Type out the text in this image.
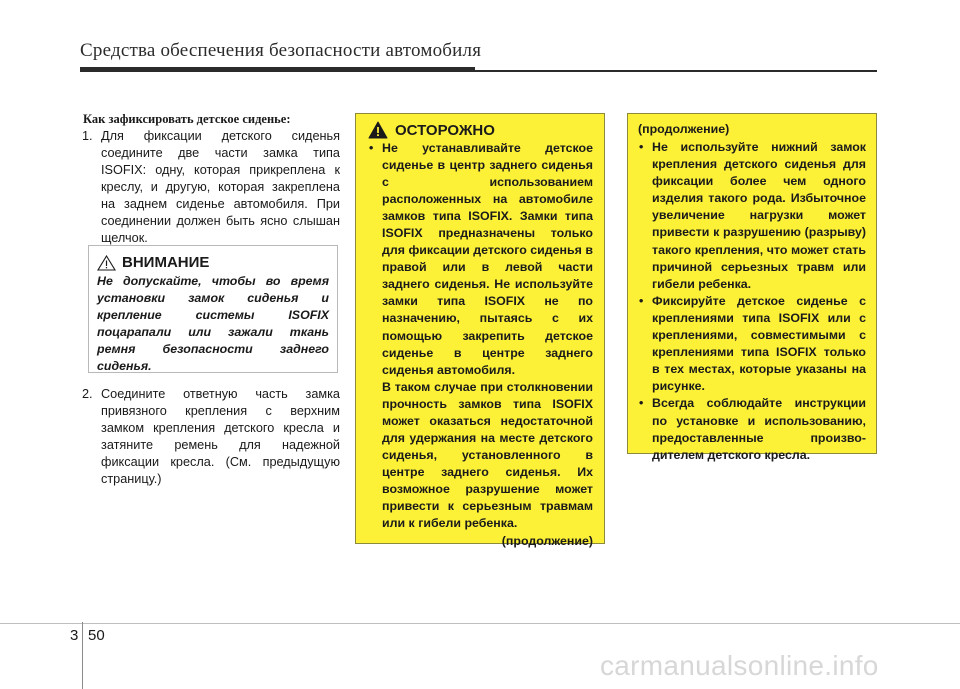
Средства обеспечения безопасности автомобиля
Как зафиксировать детское сиденье:
1. Для фиксации детского сиденья соедините две части замка типа ISOFIX: одну, которая прикреплена к креслу, и другую, которая закреплена на заднем сиденье автомобиля. При соединении должен быть ясно слышан щелчок.
ВНИМАНИЕ
Не допускайте, чтобы во время установки замок сиденья и крепление системы ISOFIX поцарапали или зажали ткань ремня безопасности заднего сиденья.
2. Соедините ответную часть замка привязного крепления с верхним замком крепления детского кресла и затяните ремень для надежной фиксации кресла. (См. предыдущую страницу.)
ОСТОРОЖНО
• Не устанавливайте детское сиденье в центр заднего сиденья с использованием расположенных на автомобиле замков типа ISOFIX. Замки типа ISOFIX предназначены только для фиксации детского сиденья в правой или в левой части заднего сиденья. Не используйте замки типа ISOFIX не по назначению, пытаясь с их помощью закрепить детское сиденье в центре заднего сиденья автомобиля.
В таком случае при столкновении прочность замков типа ISOFIX может оказаться недостаточной для удержания на месте детского сиденья, установленного в центре заднего сиденья. Их возможное разрушение может привести к серьезным травмам или к гибели ребенка.
(продолжение)
(продолжение)
• Не используйте нижний замок крепления детского сиденья для фиксации более чем одного изделия такого рода. Избыточное увеличение нагрузки может привести к разрушению (разрыву) такого крепления, что может стать причиной серьезных травм или гибели ребенка.
• Фиксируйте детское сиденье с креплениями типа ISOFIX или с креплениями, совместимыми с креплениями типа ISOFIX только в тех местах, которые указаны на рисунке.
• Всегда соблюдайте инструкции по установке и использованию, предоставленные произво-дителем детского кресла.
3 50
carmanualsonline.info
